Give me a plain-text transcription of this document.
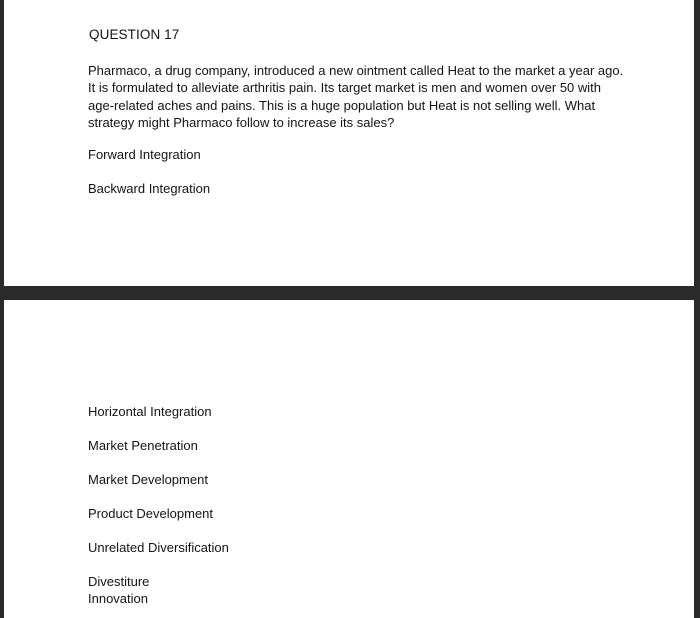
QUESTION 17
Pharmaco, a drug company, introduced a new ointment called Heat to the market a year ago. It is formulated to alleviate arthritis pain. Its target market is men and women over 50 with age-related aches and pains. This is a huge population but Heat is not selling well. What strategy might Pharmaco follow to increase its sales?
Forward Integration
Backward Integration
Horizontal Integration
Market Penetration
Market Development
Product Development
Unrelated Diversification
Divestiture
Innovation
